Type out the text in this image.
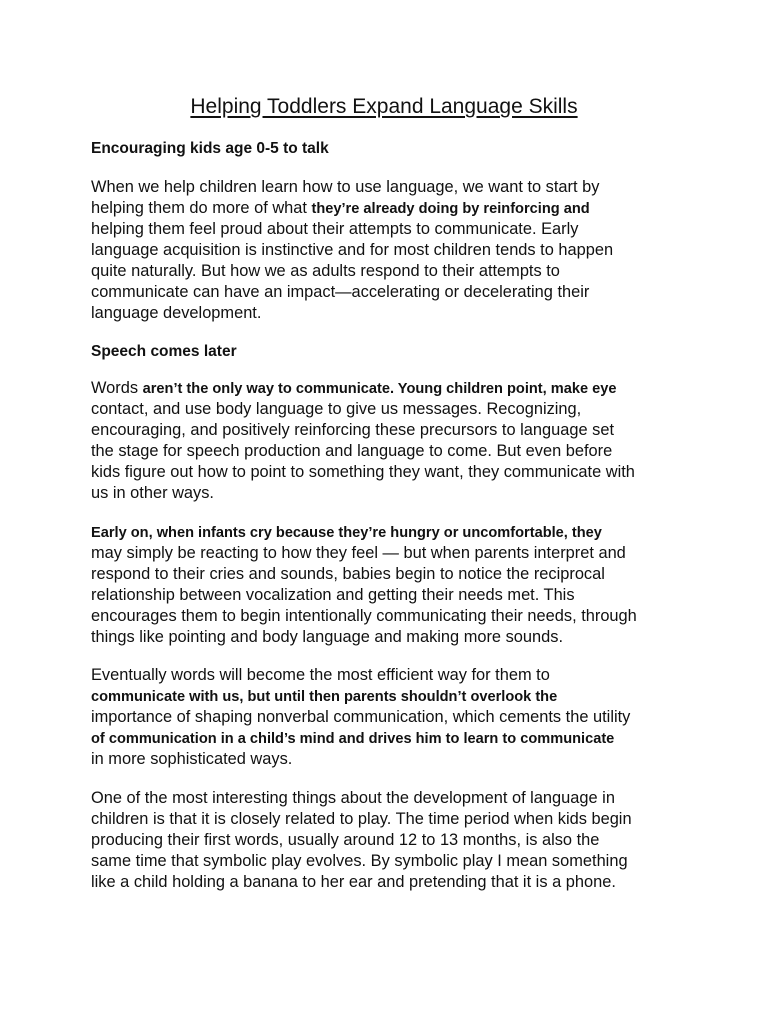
Helping Toddlers Expand Language Skills

Encouraging kids age 0-5 to talk

When we help children learn how to use language, we want to start by
helping them do more of what they’re already doing by reinforcing and
helping them feel proud about their attempts to communicate. Early
language acquisition is instinctive and for most children tends to happen
quite naturally. But how we as adults respond to their attempts to
communicate can have an impact—accelerating or decelerating their
language development.

Speech comes later

Words aren’t the only way to communicate. Young children point, make eye
contact, and use body language to give us messages. Recognizing,
encouraging, and positively reinforcing these precursors to language set
the stage for speech production and language to come. But even before
kids figure out how to point to something they want, they communicate with
us in other ways.
Early on, when infants cry because they’re hungry or uncomfortable, they
may simply be reacting to how they feel — but when parents interpret and
respond to their cries and sounds, babies begin to notice the reciprocal
relationship between vocalization and getting their needs met. This
encourages them to begin intentionally communicating their needs, through
things like pointing and body language and making more sounds.
Eventually words will become the most efficient way for them to
communicate with us, but until then parents shouldn’t overlook the
importance of shaping nonverbal communication, which cements the utility
of communication in a child’s mind and drives him to learn to communicate
in more sophisticated ways.
One of the most interesting things about the development of language in
children is that it is closely related to play. The time period when kids begin
producing their first words, usually around 12 to 13 months, is also the
same time that symbolic play evolves. By symbolic play I mean something
like a child holding a banana to her ear and pretending that it is a phone.
